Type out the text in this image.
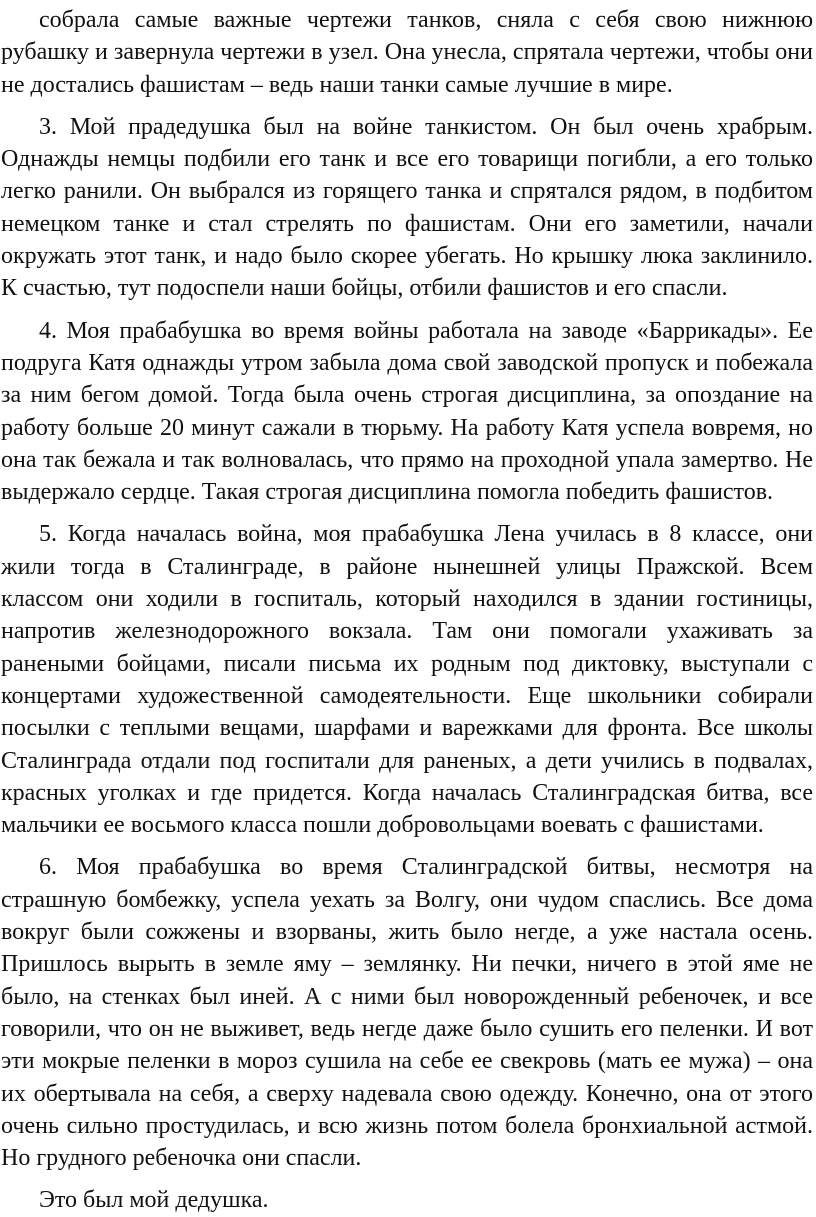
собрала самые важные чертежи танков, сняла с себя свою нижнюю рубашку и завернула чертежи в узел. Она унесла, спрятала чертежи, чтобы они не достались фашистам – ведь наши танки самые лучшие в мире.

3. Мой прадедушка был на войне танкистом. Он был очень храбрым. Однажды немцы подбили его танк и все его товарищи погибли, а его только легко ранили. Он выбрался из горящего танка и спрятался рядом, в подбитом немецком танке и стал стрелять по фашистам. Они его заметили, начали окружать этот танк, и надо было скорее убегать. Но крышку люка заклинило. К счастью, тут подоспели наши бойцы, отбили фашистов и его спасли.

4. Моя прабабушка во время войны работала на заводе «Баррикады». Ее подруга Катя однажды утром забыла дома свой заводской пропуск и побежала за ним бегом домой. Тогда была очень строгая дисциплина, за опоздание на работу больше 20 минут сажали в тюрьму. На работу Катя успела вовремя, но она так бежала и так волновалась, что прямо на проходной упала замертво. Не выдержало сердце. Такая строгая дисциплина помогла победить фашистов.

5. Когда началась война, моя прабабушка Лена училась в 8 классе, они жили тогда в Сталинграде, в районе нынешней улицы Пражской. Всем классом они ходили в госпиталь, который находился в здании гостиницы, напротив железнодорожного вокзала. Там они помогали ухаживать за ранеными бойцами, писали письма их родным под диктовку, выступали с концертами художественной самодеятельности. Еще школьники собирали посылки с теплыми вещами, шарфами и варежками для фронта. Все школы Сталинграда отдали под госпитали для раненых, а дети учились в подвалах, красных уголках и где придется. Когда началась Сталинградская битва, все мальчики ее восьмого класса пошли добровольцами воевать с фашистами.

6. Моя прабабушка во время Сталинградской битвы, несмотря на страшную бомбежку, успела уехать за Волгу, они чудом спаслись. Все дома вокруг были сожжены и взорваны, жить было негде, а уже настала осень. Пришлось вырыть в земле яму – землянку. Ни печки, ничего в этой яме не было, на стенках был иней. А с ними был новорожденный ребеночек, и все говорили, что он не выживет, ведь негде даже было сушить его пеленки. И вот эти мокрые пеленки в мороз сушила на себе ее свекровь (мать ее мужа) – она их обертывала на себя, а сверху надевала свою одежду. Конечно, она от этого очень сильно простудилась, и всю жизнь потом болела бронхиальной астмой. Но грудного ребеночка они спасли.

Это был мой дедушка.
